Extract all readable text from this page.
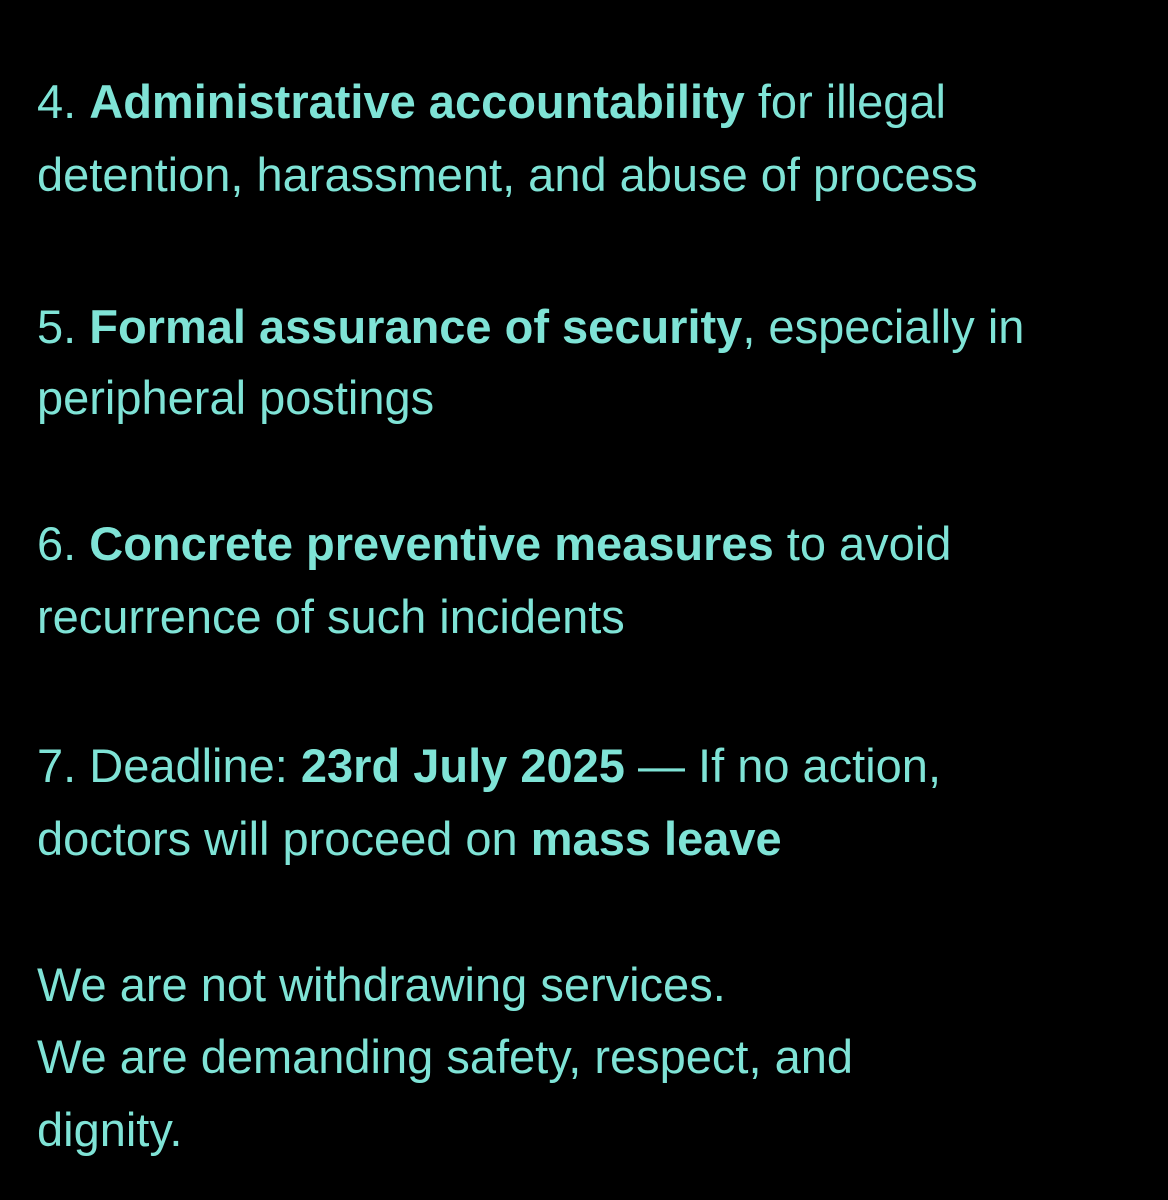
4. Administrative accountability for illegal
detention, harassment, and abuse of process
5. Formal assurance of security, especially in
peripheral postings
6. Concrete preventive measures to avoid
recurrence of such incidents
7. Deadline: 23rd July 2025 — If no action,
doctors will proceed on mass leave
We are not withdrawing services.
We are demanding safety, respect, and
dignity.
